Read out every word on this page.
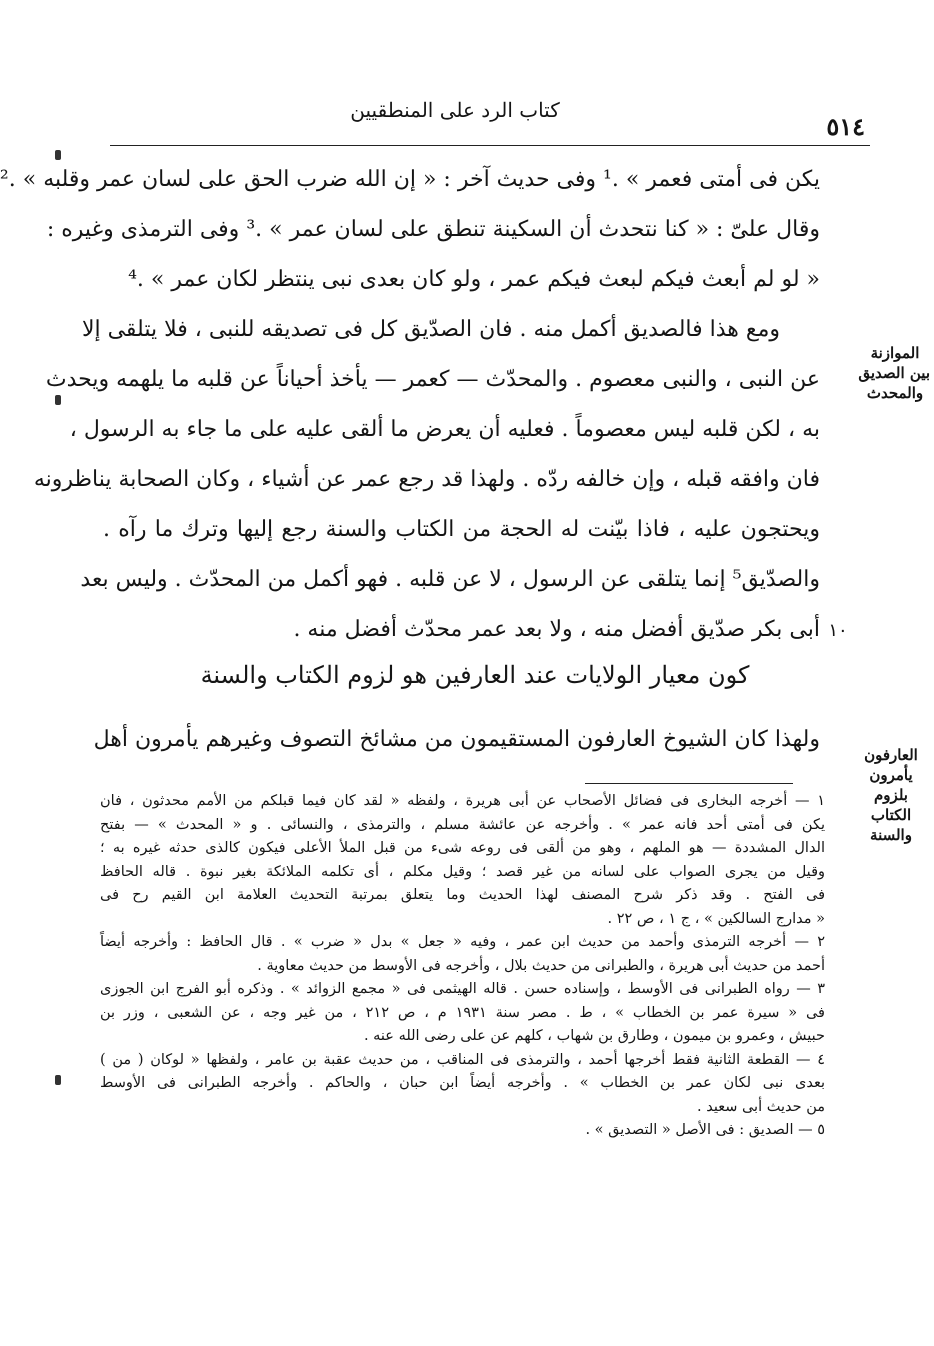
كتاب الرد على المنطقيين
٥١٤
يكن فى أمتى فعمر » .¹ وفى حديث آخر : « إن الله ضرب الحق على لسان عمر وقلبه » .²
وقال علىّ : « كنا نتحدث أن السكينة تنطق على لسان عمر » .³ وفى الترمذى وغيره :
« لو لم أبعث فيكم لبعث فيكم عمر ، ولو كان بعدى نبى ينتظر لكان عمر » .⁴
ومع هذا فالصديق أكمل منه . فان الصدّيق كل فى تصديقه للنبى ، فلا يتلقى إلا
عن النبى ، والنبى معصوم . والمحدّث — كعمر — يأخذ أحياناً عن قلبه ما يلهمه ويحدث
به ، لكن قلبه ليس معصوماً . فعليه أن يعرض ما ألقى عليه على ما جاء به الرسول ،
فان وافقه قبله ، وإن خالفه ردّه . ولهذا قد رجع عمر عن أشياء ، وكان الصحابة يناظرونه
ويحتجون عليه ، فاذا بيّنت له الحجة من الكتاب والسنة رجع إليها وترك ما رآه .
والصدّيق⁵ إنما يتلقى عن الرسول ، لا عن قلبه . فهو أكمل من المحدّث . وليس بعد
أبى بكر صدّيق أفضل منه ، ولا بعد عمر محدّث أفضل منه . ١٠
كون معيار الولايات عند العارفين هو لزوم الكتاب والسنة
ولهذا كان الشيوخ العارفون المستقيمون من مشائخ التصوف وغيرهم يأمرون أهل
الموازنة
بين الصديق
والمحدث
العارفون
يأمرون
بلزوم
الكتاب
والسنة
١ — أخرجه البخارى فى فضائل الأصحاب عن أبى هريرة ، ولفظه « لقد كان فيما قبلكم من الأمم محدثون ، فان
يكن فى أمتى أحد فانه عمر » . وأخرجه عن عائشة مسلم ، والترمذى ، والنسائى . و « المحدث » — بفتح
الدال المشددة — هو الملهم ، وهو من ألقى فى روعه شىء من قبل الملأ الأعلى فيكون كالذى حدثه غيره به ؛
وقيل من يجرى الصواب على لسانه من غير قصد ؛ وقيل مكلم ، أى تكلمه الملائكة بغير نبوة . قاله الحافظ
فى الفتح . وقد ذكر شرح المصنف لهذا الحديث وما يتعلق بمرتبة التحديث العلامة ابن القيم رح فى
« مدارج السالكين » ، ج ١ ، ص ٢٢ .
٢ — أخرجه الترمذى وأحمد من حديث ابن عمر ، وفيه « جعل » بدل « ضرب » . قال الحافظ : وأخرجه أيضاً
أحمد من حديث أبى هريرة ، والطبرانى من حديث بلال ، وأخرجه فى الأوسط من حديث معاوية .
٣ — رواه الطبرانى فى الأوسط ، وإسناده حسن . قاله الهيثمى فى « مجمع الزوائد » . وذكره أبو الفرج ابن الجوزى
فى « سيرة عمر بن الخطاب » ، ط . مصر سنة ١٩٣١ م ، ص ٢١٢ ، من غير وجه ، عن الشعبى ، وزر بن
حبيش ، وعمرو بن ميمون ، وطارق بن شهاب ، كلهم عن على رضى الله عنه .
٤ — القطعة الثانية فقط أخرجها أحمد ، والترمذى فى المناقب ، من حديث عقبة بن عامر ، ولفظها « لوكان ( من )
بعدى نبى لكان عمر بن الخطاب » . وأخرجه أيضاً ابن حبان ، والحاكم . وأخرجه الطبرانى فى الأوسط
من حديث أبى سعيد .
٥ — الصديق : فى الأصل « التصديق » .
